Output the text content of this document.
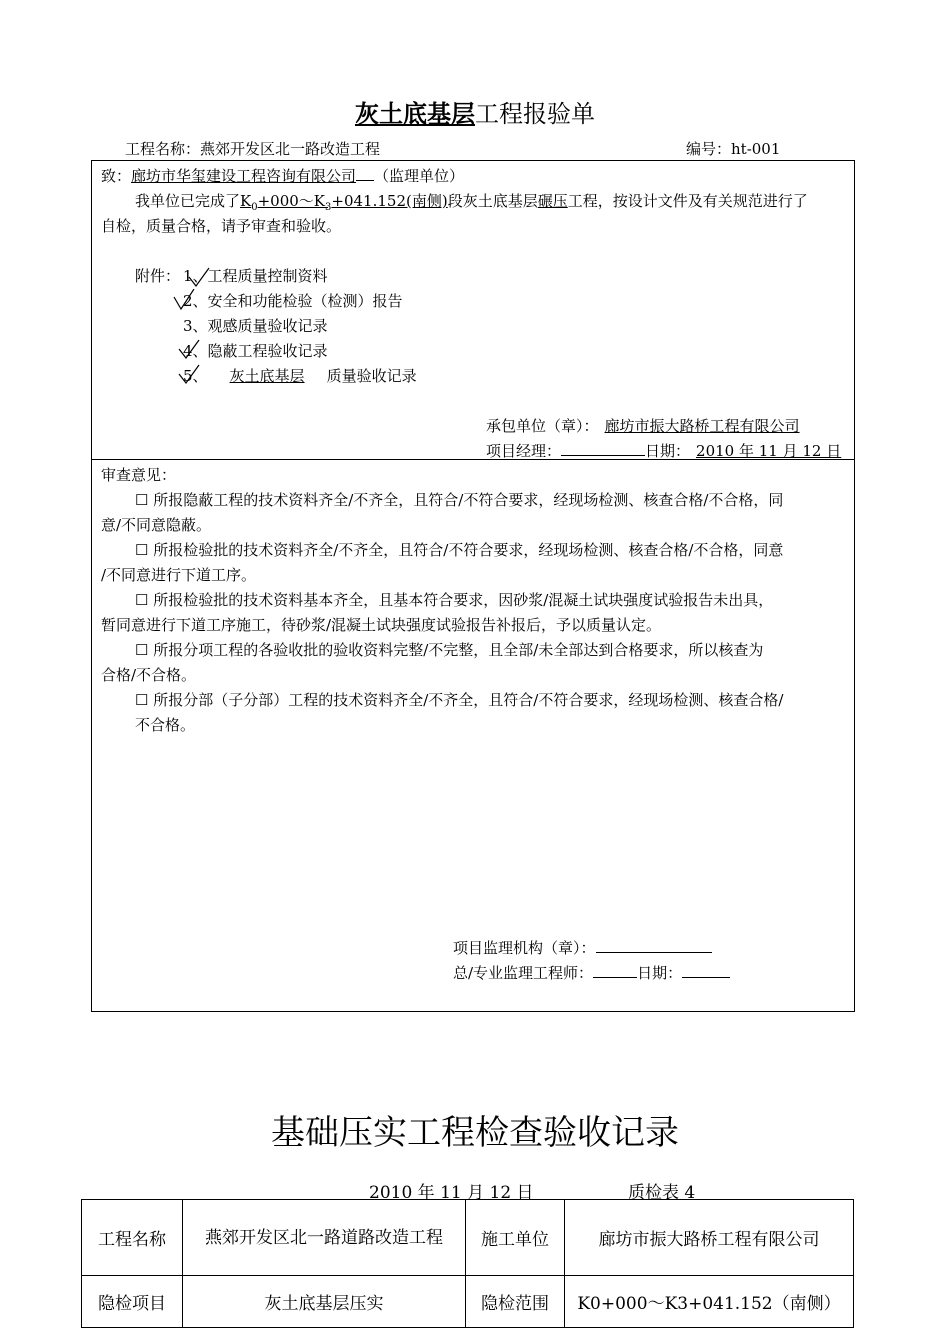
灰土底基层工程报验单
工程名称：燕郊开发区北一路改造工程	编号：ht-001
致：廊坊市华玺建设工程咨询有限公司 （监理单位）
我单位已完成了$K_0+000\sim K_3+041.152$(南侧)段灰土底基层碾压工程，按设计文件及有关规范进行了
自检，质量合格，请予审查和验收。
附件： 1、工程质量控制资料
2、安全和功能检验（检测）报告
3、观感质量验收记录
4、隐蔽工程验收记录
5、 灰土底基层 质量验收记录
承包单位（章）： 廊坊市振大路桥工程有限公司
项目经理：	日期： 2010 年 11 月 12 日
审查意见：
☐ 所报隐蔽工程的技术资料齐全/不齐全，且符合/不符合要求，经现场检测、核查合格/不合格，同
意/不同意隐蔽。
☐ 所报检验批的技术资料齐全/不齐全，且符合/不符合要求，经现场检测、核查合格/不合格，同意
/不同意进行下道工序。
☐ 所报检验批的技术资料基本齐全，且基本符合要求，因砂浆/混凝土试块强度试验报告未出具，
暂同意进行下道工序施工，待砂浆/混凝土试块强度试验报告补报后，予以质量认定。
☐ 所报分项工程的各验收批的验收资料完整/不完整，且全部/未全部达到合格要求，所以核查为
合格/不合格。
☐ 所报分部（子分部）工程的技术资料齐全/不齐全，且符合/不符合要求，经现场检测、核查合格/
不合格。
项目监理机构（章）：
总/专业监理工程师：	日期：
基础压实工程检查验收记录
2010 年 11 月 12 日	质检表 4
工程名称	燕郊开发区北一路道路改造工程	施工单位	廊坊市振大路桥工程有限公司
隐检项目	灰土底基层压实	隐检范围	K0+000～K3+041.152（南侧）
